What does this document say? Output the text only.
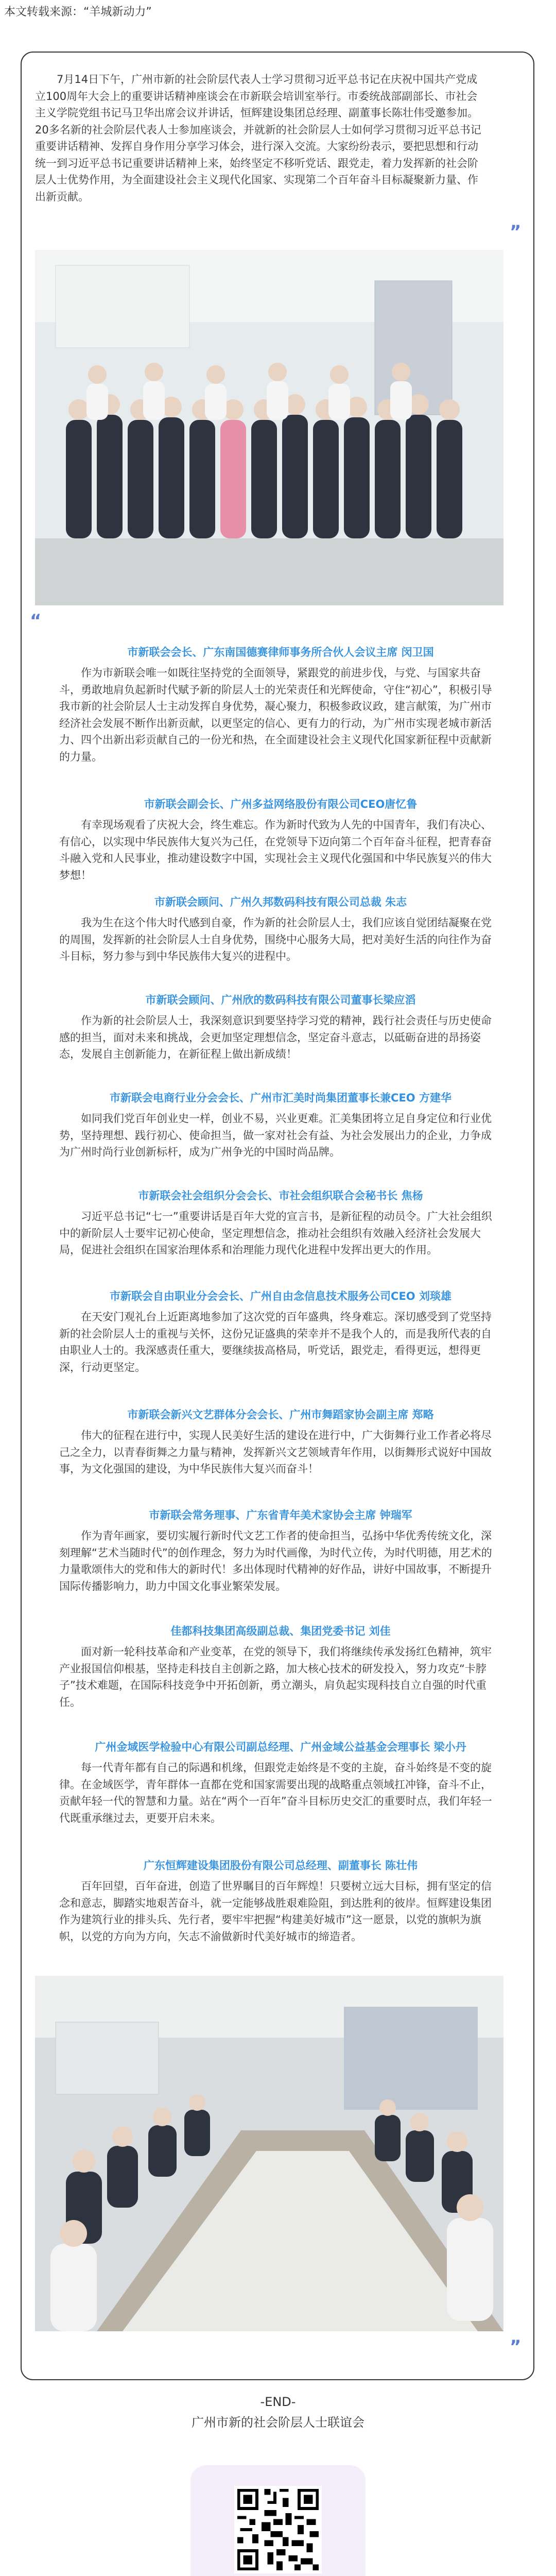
本文转载来源：“羊城新动力”

7月14日下午，广州市新的社会阶层代表人士学习贯彻习近平总书记在庆祝中国共产党成立100周年大会上的重要讲话精神座谈会在市新联会培训室举行。市委统战部副部长、市社会主义学院党组书记马卫华出席会议并讲话，恒辉建设集团总经理、副董事长陈壮伟受邀参加。20多名新的社会阶层代表人士参加座谈会，并就新的社会阶层人士如何学习贯彻习近平总书记重要讲话精神、发挥自身作用分享学习体会，进行深入交流。大家纷纷表示，要把思想和行动统一到习近平总书记重要讲话精神上来，始终坚定不移听党话、跟党走，着力发挥新的社会阶层人士优势作用，为全面建设社会主义现代化国家、实现第二个百年奋斗目标凝聚新力量、作出新贡献。

”
“

市新联会会长、广东南国德赛律师事务所合伙人会议主席 闵卫国

作为市新联会唯一如既往坚持党的全面领导，紧跟党的前进步伐，与党、与国家共奋斗，勇敢地肩负起新时代赋予新的阶层人士的光荣责任和光辉使命，守住“初心”，积极引导我市新的社会阶层人士主动发挥自身优势，凝心聚力，积极参政议政，建言献策，为广州市经济社会发展不断作出新贡献，以更坚定的信心、更有力的行动，为广州市实现老城市新活力、四个出新出彩贡献自己的一份光和热，在全面建设社会主义现代化国家新征程中贡献新的力量。

市新联会副会长、广州多益网络股份有限公司CEO唐忆鲁

有幸现场观看了庆祝大会，终生难忘。作为新时代致为人先的中国青年，我们有决心、有信心，以实现中华民族伟大复兴为己任，在党领导下迈向第二个百年奋斗征程，把青春奋斗融入党和人民事业，推动建设数字中国，实现社会主义现代化强国和中华民族复兴的伟大梦想！

市新联会顾问、广州久邦数码科技有限公司总裁 朱志

我为生在这个伟大时代感到自豪，作为新的社会阶层人士，我们应该自觉团结凝聚在党的周围，发挥新的社会阶层人士自身优势，围绕中心服务大局，把对美好生活的向往作为奋斗目标，努力参与到中华民族伟大复兴的进程中。

市新联会顾问、广州欣的数码科技有限公司董事长梁应滔

作为新的社会阶层人士，我深刻意识到要坚持学习党的精神，践行社会责任与历史使命感的担当，面对未来和挑战，会更加坚定理想信念，坚定奋斗意志，以砥砺奋进的昂扬姿态，发展自主创新能力，在新征程上做出新成绩！

市新联会电商行业分会会长、广州市汇美时尚集团董事长兼CEO 方建华

如同我们党百年创业史一样，创业不易，兴业更难。汇美集团将立足自身定位和行业优势，坚持理想、践行初心、使命担当，做一家对社会有益、为社会发展出力的企业，力争成为广州时尚行业创新标杆，成为广州争光的中国时尚品牌。

市新联会社会组织分会会长、市社会组织联合会秘书长 焦杨

习近平总书记“七一”重要讲话是百年大党的宣言书，是新征程的动员令。广大社会组织中的新阶层人士要牢记初心使命，坚定理想信念，推动社会组织有效融入经济社会发展大局，促进社会组织在国家治理体系和治理能力现代化进程中发挥出更大的作用。

市新联会自由职业分会会长、广州自由念信息技术服务公司CEO 刘琰雄

在天安门观礼台上近距离地参加了这次党的百年盛典，终身难忘。深切感受到了党坚持新的社会阶层人士的重视与关怀，这份兄证盛典的荣幸并不是我个人的，而是我所代表的自由职业人士的。我深感责任重大，要继续拔高格局，听党话，跟党走，看得更远，想得更深，行动更坚定。

市新联会新兴文艺群体分会会长、广州市舞蹈家协会副主席 郑略

伟大的征程在进行中，实现人民美好生活的建设在进行中，广大街舞行业工作者必将尽己之全力，以青春街舞之力量与精神，发挥新兴文艺领域青年作用，以街舞形式说好中国故事，为文化强国的建设，为中华民族伟大复兴而奋斗！

市新联会常务理事、广东省青年美术家协会主席 钟瑞军

作为青年画家，要切实履行新时代文艺工作者的使命担当，弘扬中华优秀传统文化，深刻理解“艺术当随时代”的创作理念，努力为时代画像，为时代立传，为时代明德，用艺术的力量歌颂伟大的党和伟大的新时代！多出体现时代精神的好作品，讲好中国故事，不断提升国际传播影响力，助力中国文化事业繁荣发展。

佳都科技集团高级副总裁、集团党委书记 刘佳

面对新一轮科技革命和产业变革，在党的领导下，我们将继续传承发扬红色精神，筑牢产业报国信仰根基，坚持走科技自主创新之路，加大核心技术的研发投入，努力攻克“卡脖子”技术难题，在国际科技竞争中开拓创新，勇立潮头，肩负起实现科技自立自强的时代重任。

广州金域医学检验中心有限公司副总经理、广州金域公益基金会理事长 梁小丹

每一代青年都有自己的际遇和机缘，但跟党走始终是不变的主旋，奋斗始终是不变的旋律。在金域医学，青年群体一直都在党和国家需要出现的战略重点领域扛冲锋，奋斗不止，贡献年轻一代的智慧和力量。站在“两个一百年”奋斗目标历史交汇的重要时点，我们年轻一代既重承继过去，更要开启未来。

广东恒辉建设集团股份有限公司总经理、副董事长 陈壮伟

百年回望，百年奋进，创造了世界瞩目的百年辉煌！只要树立远大目标，拥有坚定的信念和意志，脚踏实地艰苦奋斗，就一定能够战胜艰难险阻，到达胜利的彼岸。恒辉建设集团作为建筑行业的排头兵、先行者，要牢牢把握“构建美好城市”这一愿景，以党的旗帜为旗帜，以党的方向为方向，矢志不渝做新时代美好城市的缔造者。

”
-END-
广州市新的社会阶层人士联谊会
